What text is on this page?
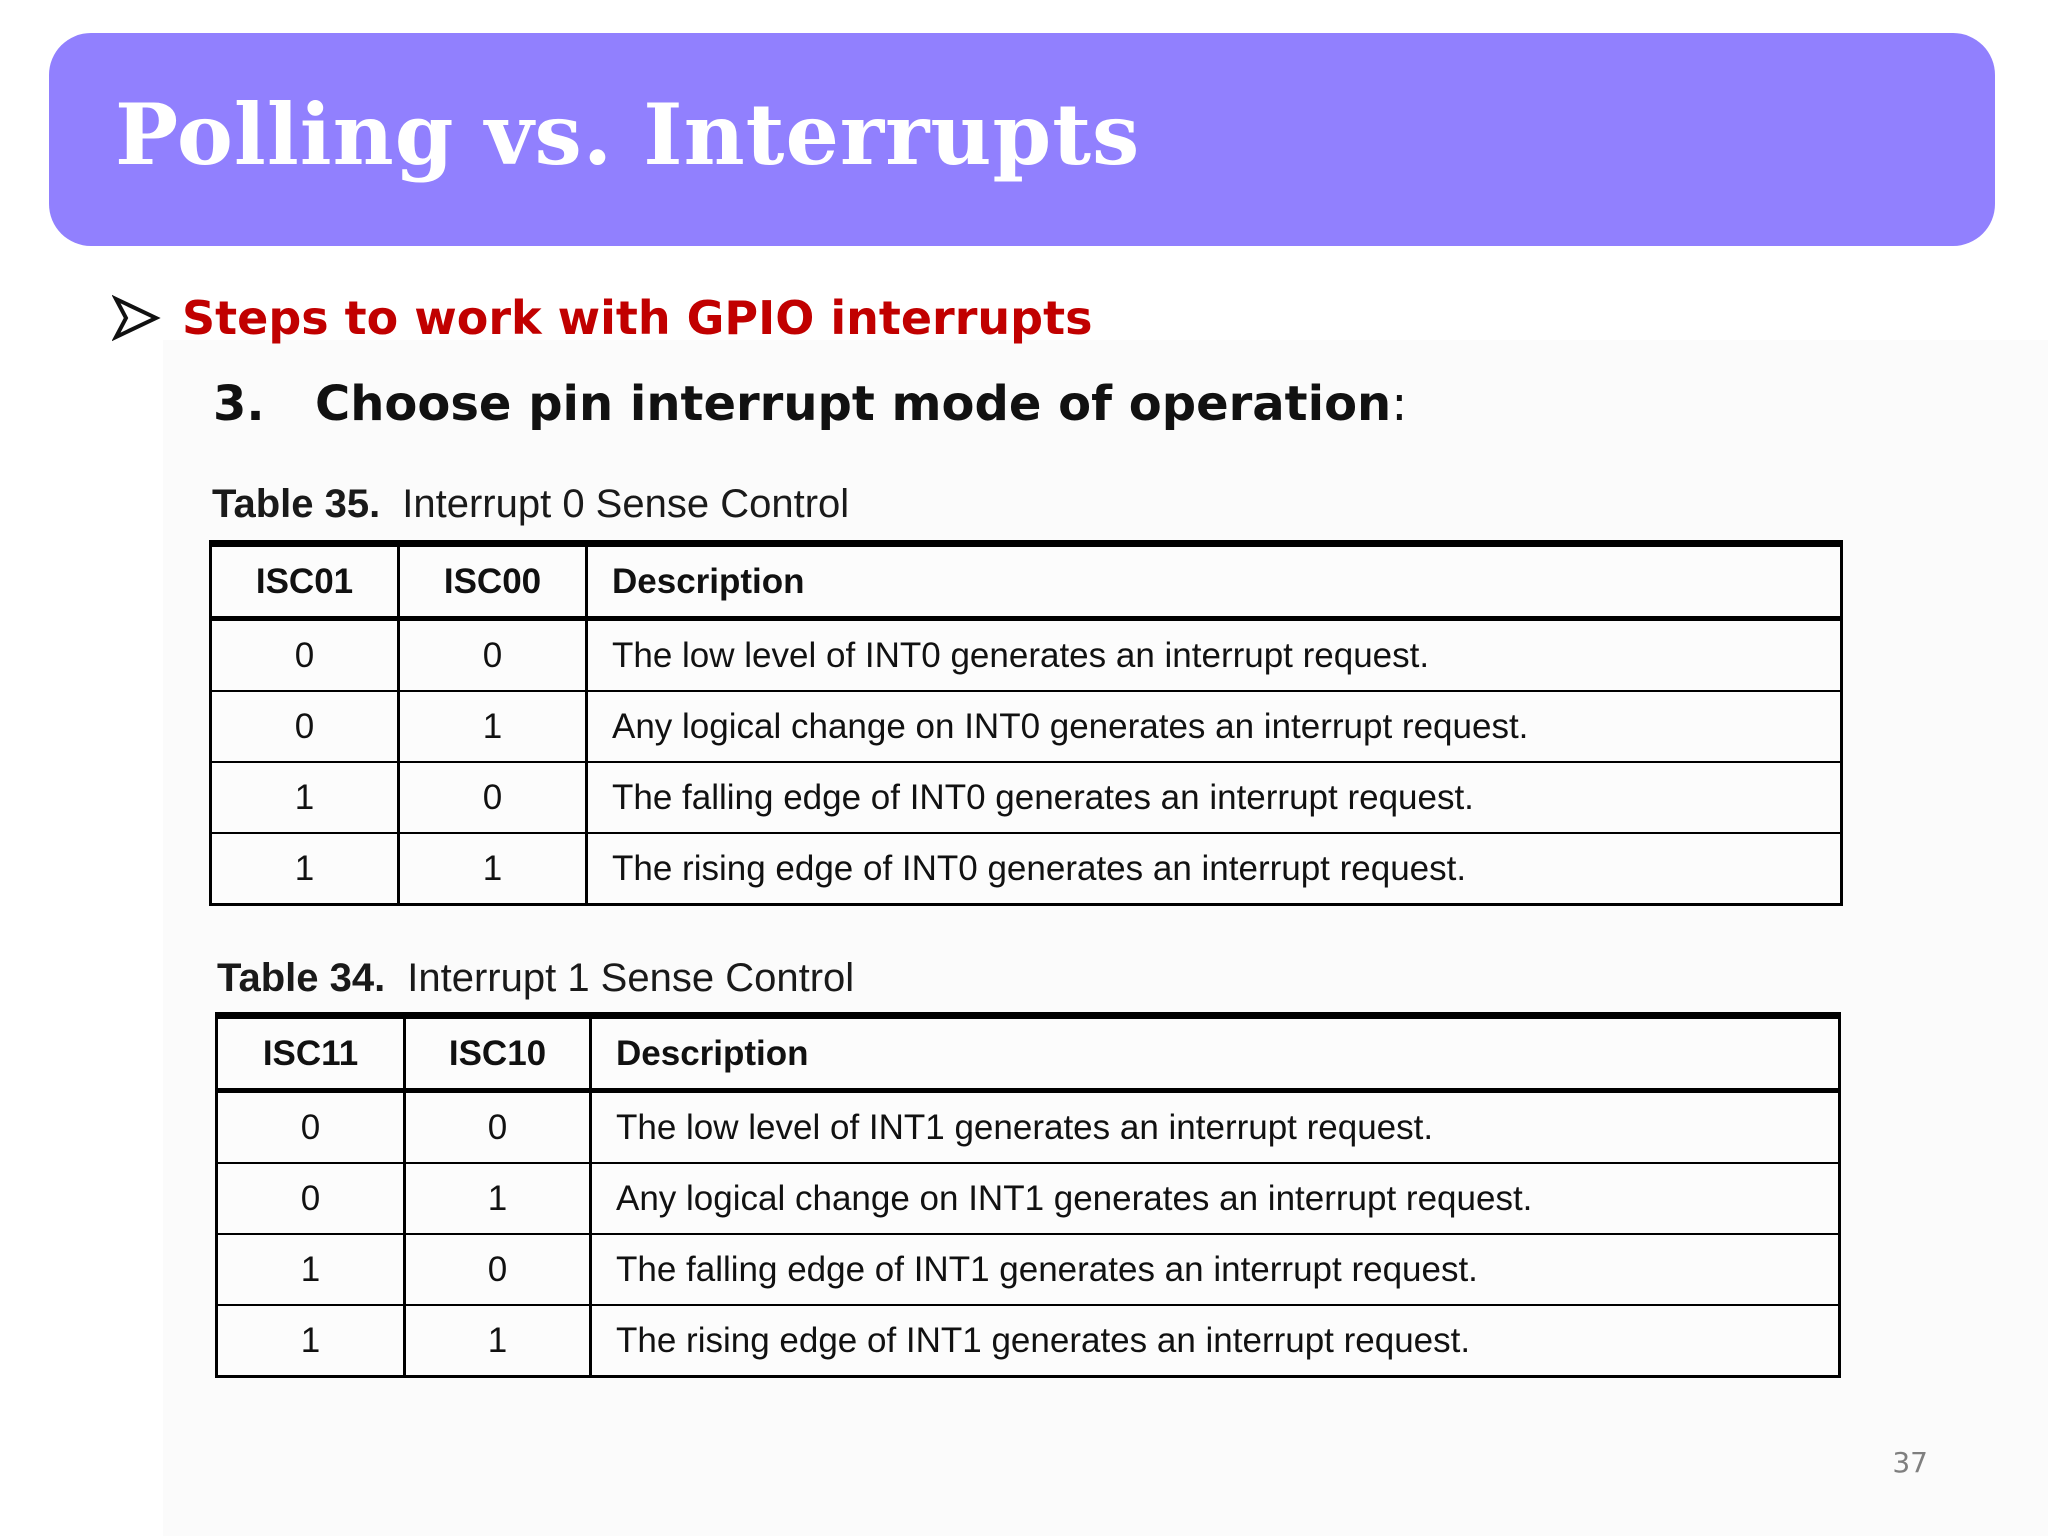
Polling vs. Interrupts
Steps to work with GPIO interrupts
3.	Choose pin interrupt mode of operation :
Table 35. Interrupt 0 Sense Control
ISC01	ISC00	Description
0	0	The low level of INT0 generates an interrupt request.
0	1	Any logical change on INT0 generates an interrupt request.
1	0	The falling edge of INT0 generates an interrupt request.
1	1	The rising edge of INT0 generates an interrupt request.
Table 34. Interrupt 1 Sense Control
ISC11	ISC10	Description
0	0	The low level of INT1 generates an interrupt request.
0	1	Any logical change on INT1 generates an interrupt request.
1	0	The falling edge of INT1 generates an interrupt request.
1	1	The rising edge of INT1 generates an interrupt request.
37
